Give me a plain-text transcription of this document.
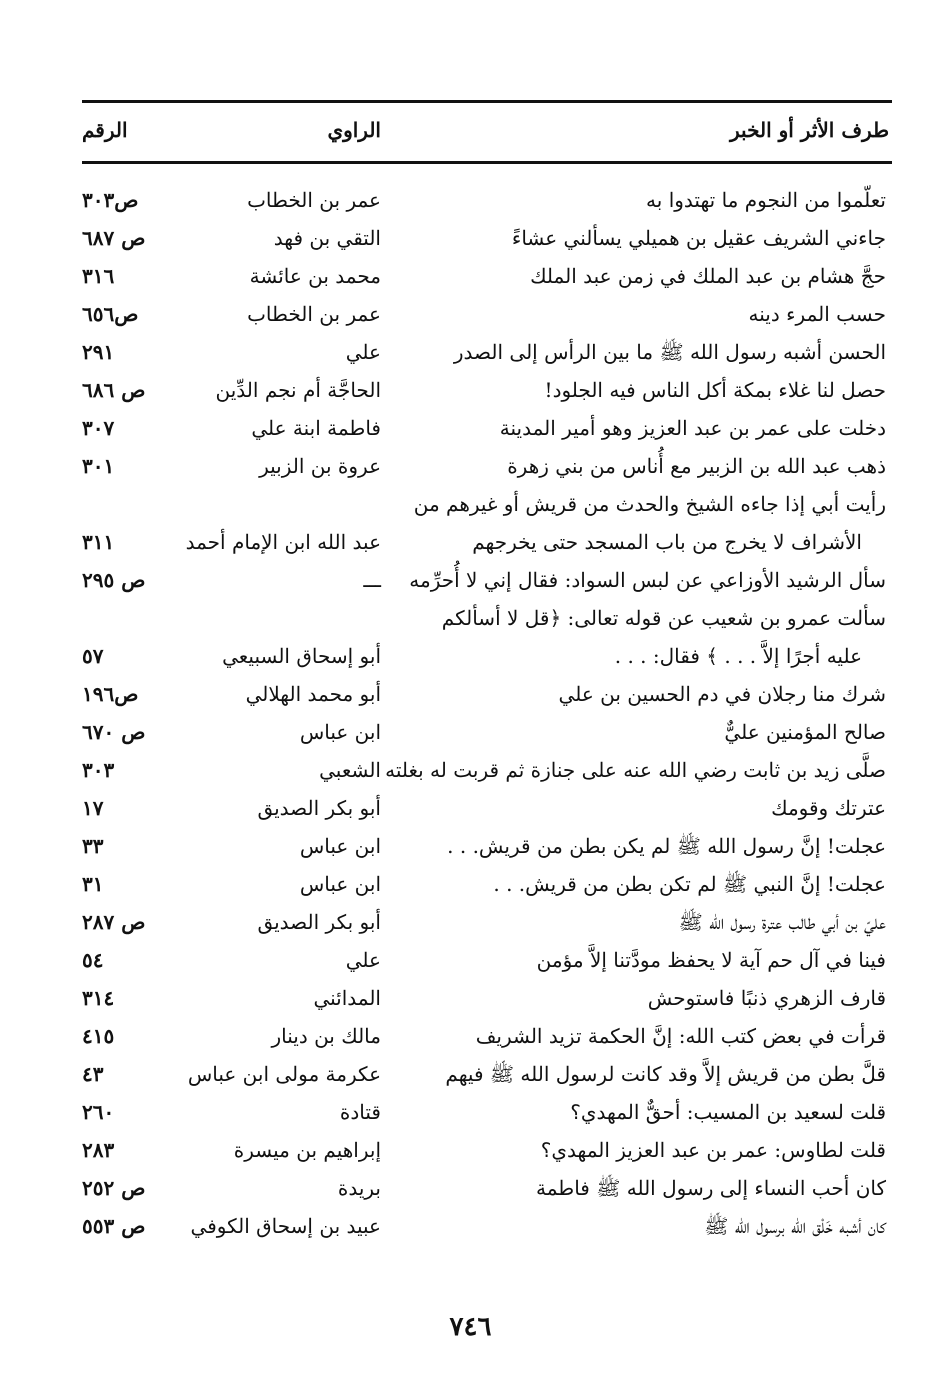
طرف الأثر أو الخبر
الراوي
الرقم
تعلّموا من النجوم ما تهتدوا به
عمر بن الخطاب
ص٣٠٣
جاءني الشريف عقيل بن هميلي يسألني عشاءً
التقي بن فهد
ص ٦٨٧
حجَّ هشام بن عبد الملك في زمن عبد الملك
محمد بن عائشة
٣١٦
حسب المرء دينه
عمر بن الخطاب
ص٦٥٦
الحسن أشبه رسول الله ﷺ ما بين الرأس إلى الصدر
علي
٢٩١
حصل لنا غلاء بمكة أكل الناس فيه الجلود!
الحاجَّة أم نجم الدِّين
ص ٦٨٦
دخلت على عمر بن عبد العزيز وهو أمير المدينة
فاطمة ابنة علي
٣٠٧
ذهب عبد الله بن الزبير مع أُناس من بني زهرة
عروة بن الزبير
٣٠١
رأيت أبي إذا جاءه الشيخ والحدث من قريش أو غيرهم من
الأشراف لا يخرج من باب المسجد حتى يخرجهم
عبد الله ابن الإمام أحمد
٣١١
سأل الرشيد الأوزاعي عن لبس السواد: فقال إني لا أُحرِّمه
ـــ
ص ٢٩٥
سألت عمرو بن شعيب عن قوله تعالى: ﴿قل لا أسألكم
عليه أجرًا إلاَّ . . . ﴾ فقال: . . .
أبو إسحاق السبيعي
٥٧
شرك منا رجلان في دم الحسين بن علي
أبو محمد الهلالي
ص١٩٦
صالح المؤمنين عليٌّ
ابن عباس
ص ٦٧٠
صلَّى زيد بن ثابت رضي الله عنه على جنازة ثم قربت له بغلته
الشعبي
٣٠٣
عترتك وقومك
أبو بكر الصديق
١٧
عجلت! إنَّ رسول الله ﷺ لم يكن بطن من قريش. . .
ابن عباس
٣٣
عجلت! إنَّ النبي ﷺ لم تكن بطن من قريش. . .
ابن عباس
٣١
عليّ بن أبي طالب عترة رسول الله ﷺ
أبو بكر الصديق
ص ٢٨٧
فينا في آل حم آية لا يحفظ مودَّتنا إلاَّ مؤمن
علي
٥٤
قارف الزهري ذنبًا فاستوحش
المدائني
٣١٤
قرأت في بعض كتب الله: إنَّ الحكمة تزيد الشريف
مالك بن دينار
٤١٥
قلَّ بطن من قريش إلاَّ وقد كانت لرسول الله ﷺ فيهم
عكرمة مولى ابن عباس
٤٣
قلت لسعيد بن المسيب: أحقٌّ المهدي؟
قتادة
٢٦٠
قلت لطاوس: عمر بن عبد العزيز المهدي؟
إبراهيم بن ميسرة
٢٨٣
كان أحب النساء إلى رسول الله ﷺ فاطمة
بريدة
ص ٢٥٢
كان أشبه خَلْق الله برسول الله ﷺ
عبيد بن إسحاق الكوفي
ص ٥٥٣
٧٤٦
